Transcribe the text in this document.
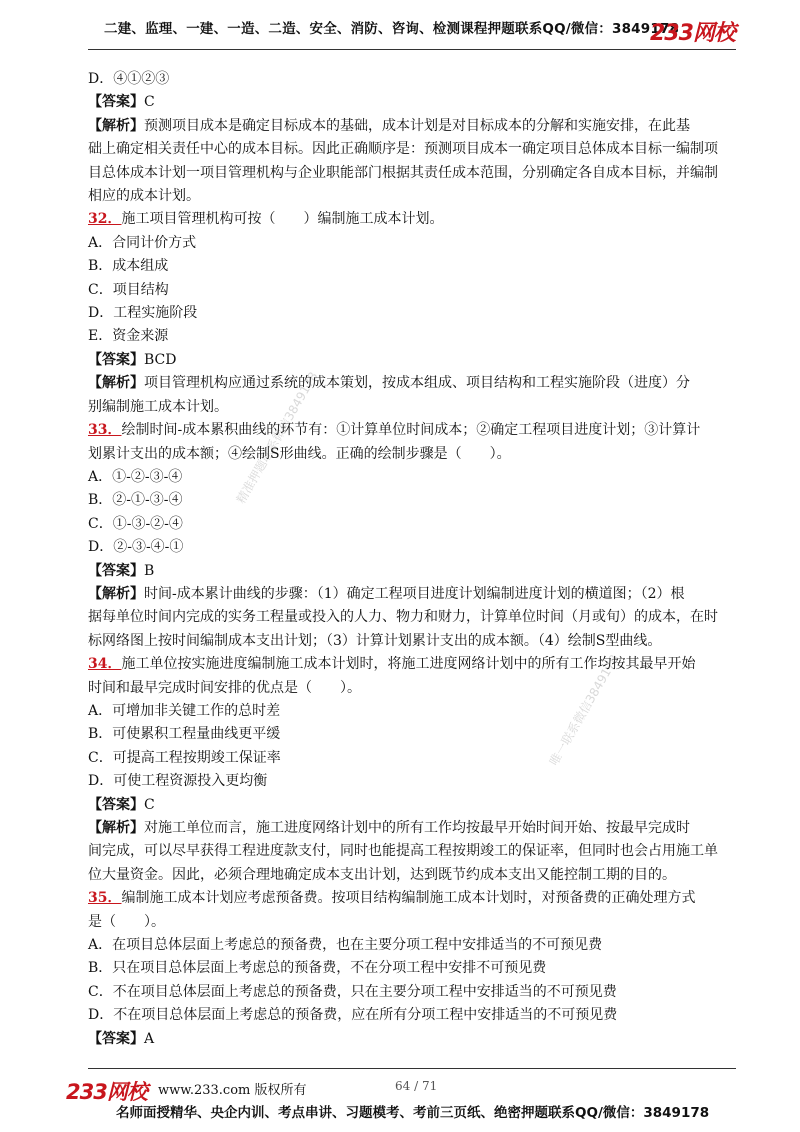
二建、监理、一建、一造、二造、安全、消防、咨询、检测课程押题联系QQ/微信：3849178
233网校
精准押题联系微信3849178
唯一联系微信3849178
D．④①②③
【答案】C
【解析】预测项目成本是确定目标成本的基础，成本计划是对目标成本的分解和实施安排，在此基
础上确定相关责任中心的成本目标。因此正确顺序是：预测项目成本一确定项目总体成本目标一编制项
目总体成本计划一项目管理机构与企业职能部门根据其责任成本范围，分别确定各自成本目标，并编制
相应的成本计划。
32．施工项目管理机构可按（　　）编制施工成本计划。
A．合同计价方式
B．成本组成
C．项目结构
D．工程实施阶段
E．资金来源
【答案】BCD
【解析】项目管理机构应通过系统的成本策划，按成本组成、项目结构和工程实施阶段（进度）分
别编制施工成本计划。
33．绘制时间-成本累积曲线的环节有：①计算单位时间成本；②确定工程项目进度计划；③计算计
划累计支出的成本额；④绘制S形曲线。正确的绘制步骤是（　　）。
A．①-②-③-④
B．②-①-③-④
C．①-③-②-④
D．②-③-④-①
【答案】B
【解析】时间-成本累计曲线的步骤：（1）确定工程项目进度计划编制进度计划的横道图；（2）根
据每单位时间内完成的实务工程量或投入的人力、物力和财力，计算单位时间（月或旬）的成本，在时
标网络图上按时间编制成本支出计划；（3）计算计划累计支出的成本额。（4）绘制S型曲线。
34．施工单位按实施进度编制施工成本计划时，将施工进度网络计划中的所有工作均按其最早开始
时间和最早完成时间安排的优点是（　　）。
A．可增加非关键工作的总时差
B．可使累积工程量曲线更平缓
C．可提高工程按期竣工保证率
D．可使工程资源投入更均衡
【答案】C
【解析】对施工单位而言，施工进度网络计划中的所有工作均按最早开始时间开始、按最早完成时
间完成，可以尽早获得工程进度款支付，同时也能提高工程按期竣工的保证率，但同时也会占用施工单
位大量资金。因此，必须合理地确定成本支出计划，达到既节约成本支出又能控制工期的目的。
35．编制施工成本计划应考虑预备费。按项目结构编制施工成本计划时，对预备费的正确处理方式
是（　　）。
A．在项目总体层面上考虑总的预备费，也在主要分项工程中安排适当的不可预见费
B．只在项目总体层面上考虑总的预备费，不在分项工程中安排不可预见费
C．不在项目总体层面上考虑总的预备费，只在主要分项工程中安排适当的不可预见费
D．不在项目总体层面上考虑总的预备费，应在所有分项工程中安排适当的不可预见费
【答案】A
233网校 www.233.com 版权所有	64 / 71
名师面授精华、央企内训、考点串讲、习题模考、考前三页纸、绝密押题联系QQ/微信：3849178
